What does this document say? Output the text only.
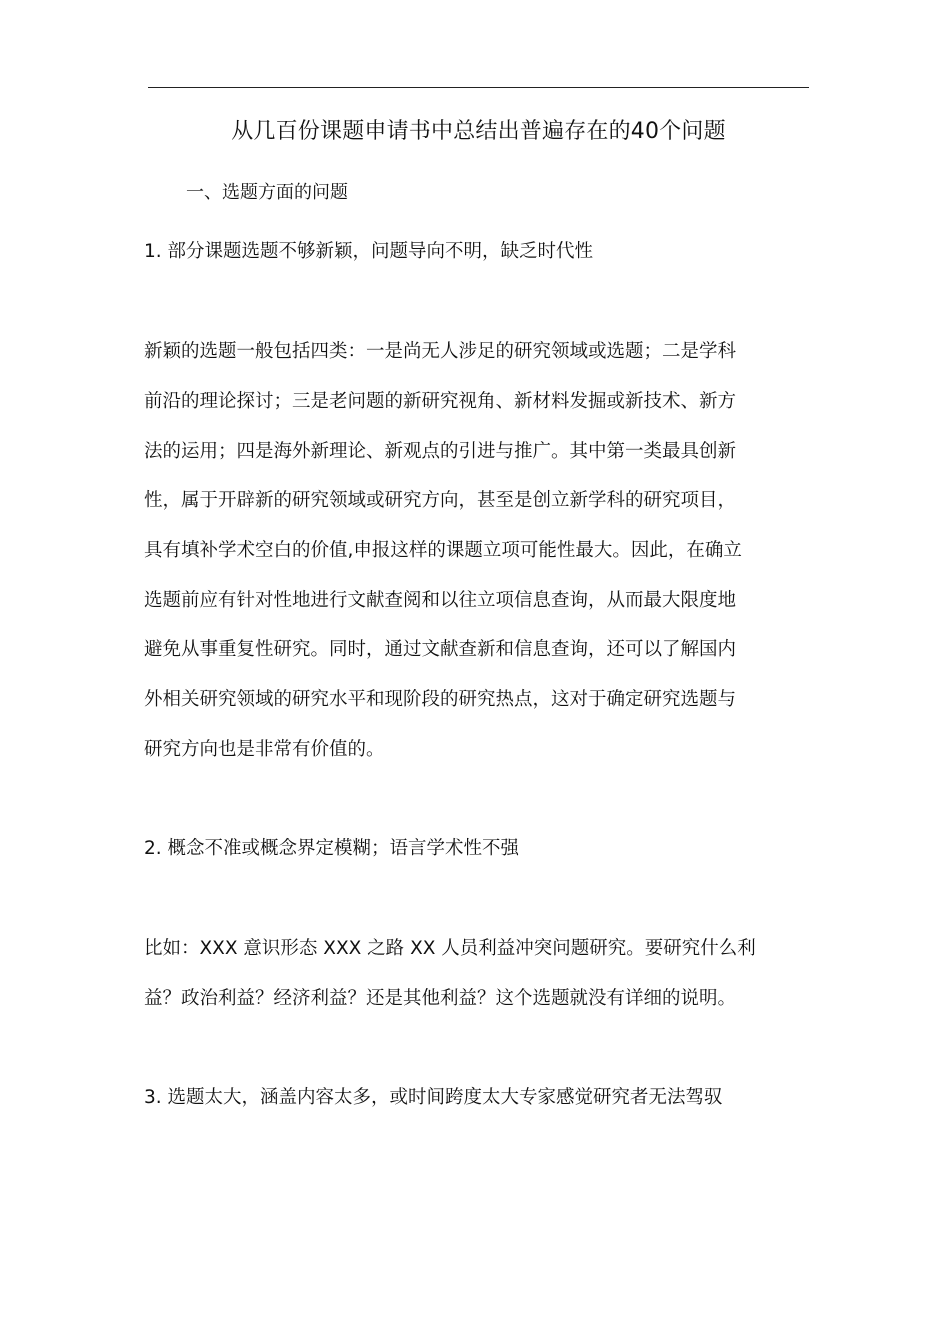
从几百份课题申请书中总结出普遍存在的40个问题
一、选题方面的问题
1. 部分课题选题不够新颖，问题导向不明，缺乏时代性
新颖的选题一般包括四类：一是尚无人涉足的研究领域或选题；二是学科
前沿的理论探讨；三是老问题的新研究视角、新材料发掘或新技术、新方
法的运用；四是海外新理论、新观点的引进与推广。其中第一类最具创新
性，属于开辟新的研究领域或研究方向，甚至是创立新学科的研究项目，
具有填补学术空白的价值,申报这样的课题立项可能性最大。因此，在确立
选题前应有针对性地进行文献查阅和以往立项信息查询，从而最大限度地
避免从事重复性研究。同时，通过文献查新和信息查询，还可以了解国内
外相关研究领域的研究水平和现阶段的研究热点，这对于确定研究选题与
研究方向也是非常有价值的。
2. 概念不准或概念界定模糊；语言学术性不强
比如：XXX 意识形态 XXX 之路 XX 人员利益冲突问题研究。要研究什么利
益？政治利益？经济利益？还是其他利益？这个选题就没有详细的说明。
3. 选题太大，涵盖内容太多，或时间跨度太大专家感觉研究者无法驾驭
